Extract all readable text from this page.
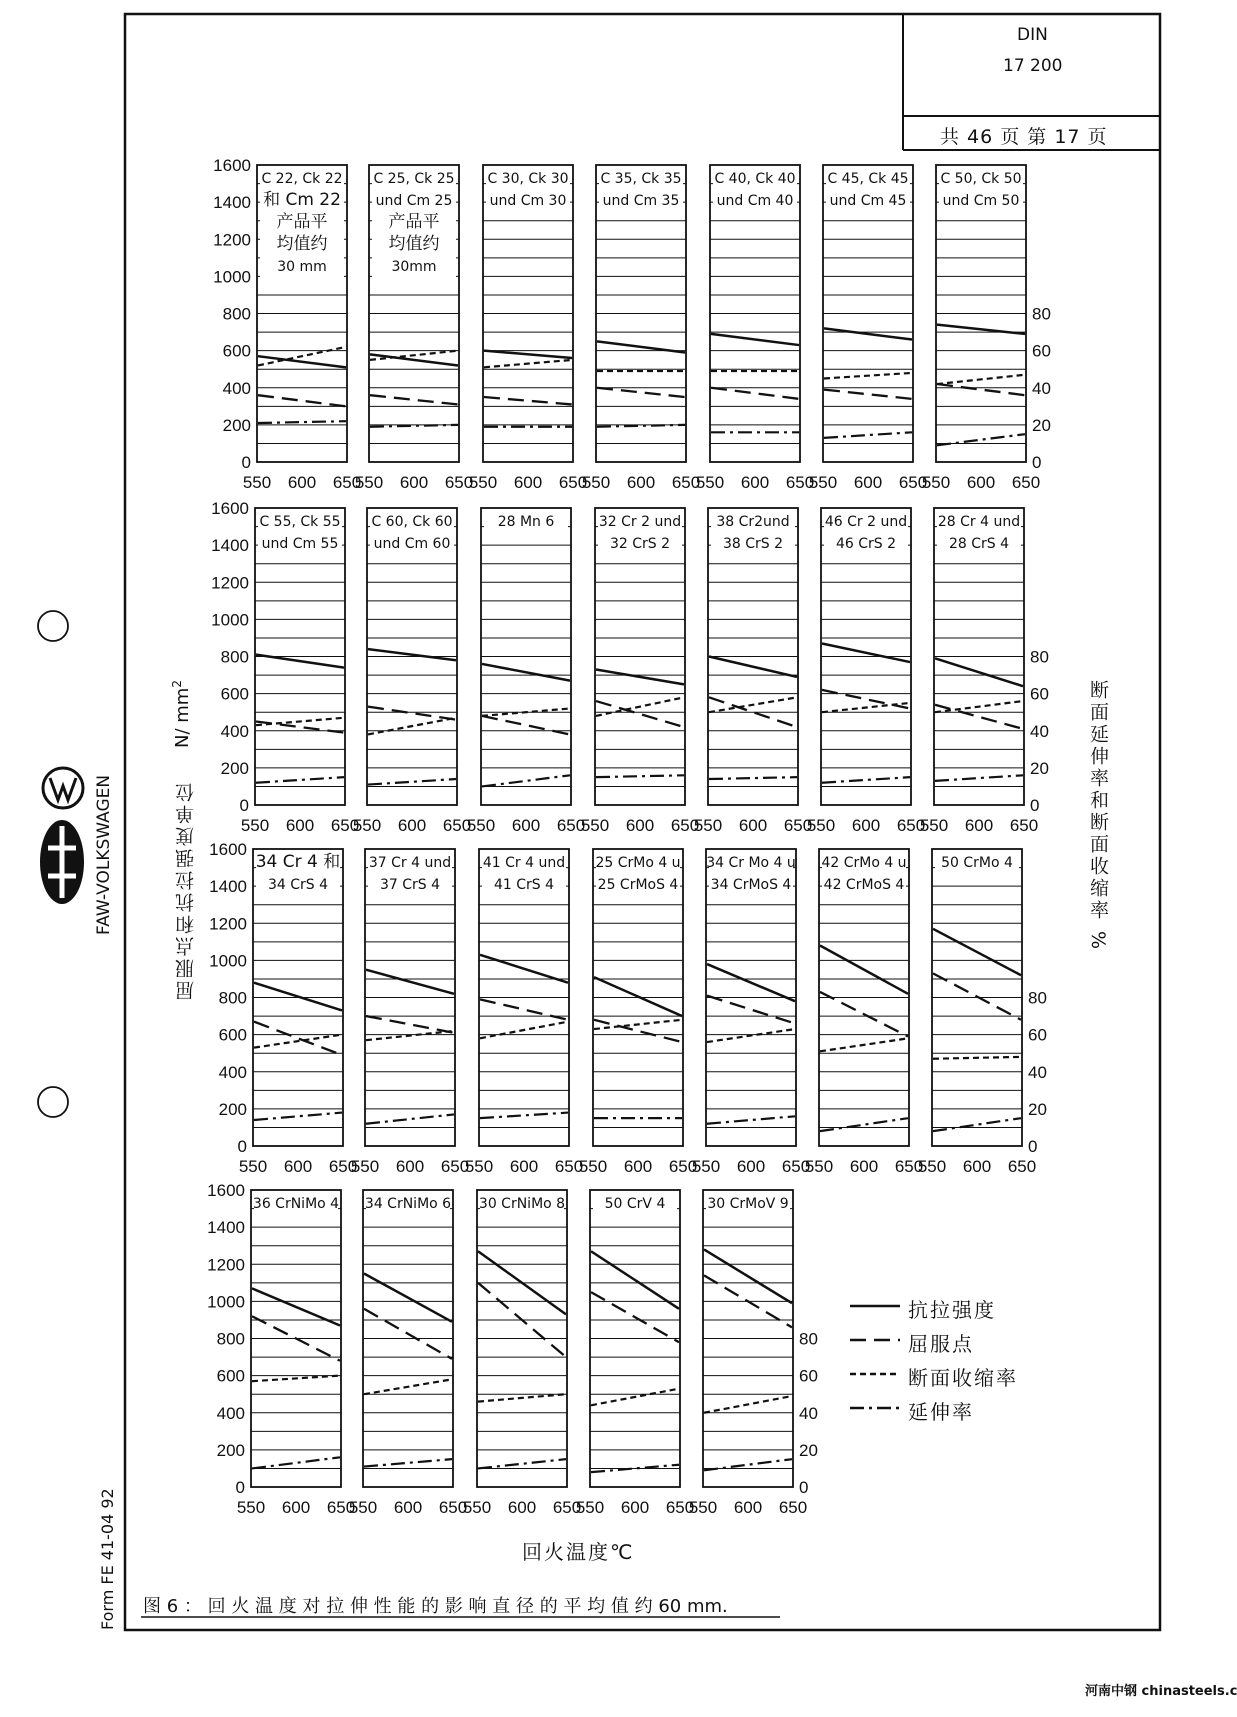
0
200
400
600
800
1000
1200
1400
1600
0
20
40
60
80
C 22, Ck 22
和 Cm 22
产品平
均值约
30 mm
550 600 650
C 25, Ck 25
und Cm 25
产品平
均值约
30mm
550 600 650
C 30, Ck 30
und Cm 30
550 600 650
C 35, Ck 35
und Cm 35
550 600 650
C 40, Ck 40
und Cm 40
550 600 650
C 45, Ck 45
und Cm 45
550 600 650
C 50, Ck 50
und Cm 50
550 600 650
0
200
400
600
800
1000
1200
1400
1600
0
20
40
60
80
C 55, Ck 55
und Cm 55
550 600 650
C 60, Ck 60
und Cm 60
550 600 650
28 Mn 6
550 600 650
32 Cr 2 und
32 CrS 2
550 600 650
38 Cr2und
38 CrS 2
550 600 650
46 Cr 2 und
46 CrS 2
550 600 650
28 Cr 4 und
28 CrS 4
550 600 650
0
200
400
600
800
1000
1200
1400
1600
0
20
40
60
80
34 Cr 4 和
34 CrS 4
550 600 650
37 Cr 4 und
37 CrS 4
550 600 650
41 Cr 4 und
41 CrS 4
550 600 650
25 CrMo 4 u
25 CrMoS 4
550 600 650
34 Cr Mo 4 u
34 CrMoS 4
550 600 650
42 CrMo 4 u
42 CrMoS 4
550 600 650
50 CrMo 4
550 600 650
0
200
400
600
800
1000
1200
1400
1600
0
20
40
60
80
36 CrNiMo 4
550 600 650
34 CrNiMo 6
550 600 650
30 CrNiMo 8
550 600 650
50 CrV 4
550 600 650
30 CrMoV 9
550 600 650
DIN
17 200
共 46 页 第 17 页
FAW-VOLKSWAGEN
Form FE 41-04 92
屈服点和抗拉强度单位
N/ $mm^2$	断面延伸率和断面收缩率 %
抗拉强度
屈服点
断面收缩率
延伸率
回火温度℃
图 6 ： 回 火 温 度 对 拉 伸 性 能 的 影 响 直 径 的 平 均 值 约 60 mm.
河南中钢 chinasteels.c
